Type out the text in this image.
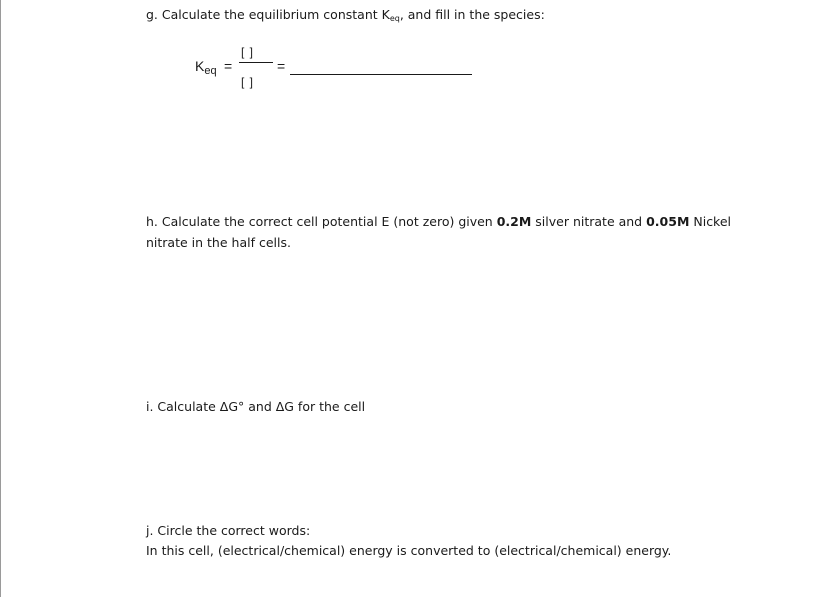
g. Calculate the equilibrium constant $K_{eq}$, and fill in the species:
$K_{eq}$ =
[ ]
[ ]
=
h. Calculate the correct cell potential E (not zero) given 0.2M silver nitrate and 0.05M Nickel
nitrate in the half cells.
i. Calculate ΔG° and ΔG for the cell
j. Circle the correct words:
In this cell, (electrical/chemical) energy is converted to (electrical/chemical) energy.
